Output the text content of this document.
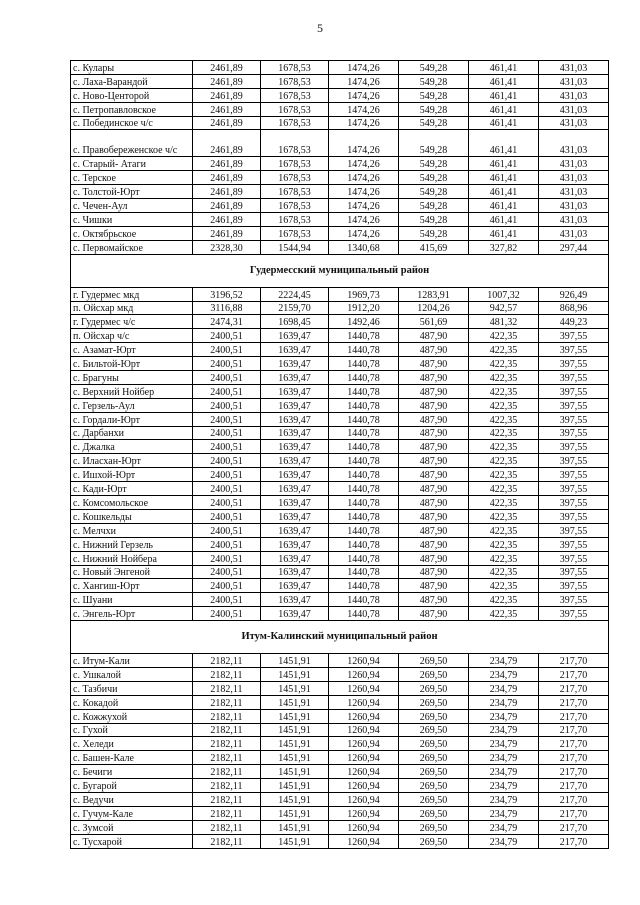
5
с. Кулары	2461,89	1678,53	1474,26	549,28	461,41	431,03
с. Лаха-Варандой	2461,89	1678,53	1474,26	549,28	461,41	431,03
с. Ново-Центорой	2461,89	1678,53	1474,26	549,28	461,41	431,03
с. Петропавловское	2461,89	1678,53	1474,26	549,28	461,41	431,03
с. Побединское ч/с	2461,89	1678,53	1474,26	549,28	461,41	431,03
с. Правобереженское ч/с	2461,89	1678,53	1474,26	549,28	461,41	431,03
с. Старый- Атаги	2461,89	1678,53	1474,26	549,28	461,41	431,03
с. Терское	2461,89	1678,53	1474,26	549,28	461,41	431,03
с. Толстой-Юрт	2461,89	1678,53	1474,26	549,28	461,41	431,03
с. Чечен-Аул	2461,89	1678,53	1474,26	549,28	461,41	431,03
с. Чишки	2461,89	1678,53	1474,26	549,28	461,41	431,03
с. Октябрьское	2461,89	1678,53	1474,26	549,28	461,41	431,03
с. Первомайское	2328,30	1544,94	1340,68	415,69	327,82	297,44
Гудермесский муниципальный район						
г. Гудермес мкд	3196,52	2224,45	1969,73	1283,91	1007,32	926,49
п. Ойсхар мкд	3116,88	2159,70	1912,20	1204,26	942,57	868,96
г. Гудермес ч/с	2474,31	1698,45	1492,46	561,69	481,32	449,23
п. Ойсхар ч/с	2400,51	1639,47	1440,78	487,90	422,35	397,55
с. Азамат-Юрт	2400,51	1639,47	1440,78	487,90	422,35	397,55
с. Бильтой-Юрт	2400,51	1639,47	1440,78	487,90	422,35	397,55
с. Брагуны	2400,51	1639,47	1440,78	487,90	422,35	397,55
с. Верхний Нойбер	2400,51	1639,47	1440,78	487,90	422,35	397,55
с. Герзель-Аул	2400,51	1639,47	1440,78	487,90	422,35	397,55
с. Гордали-Юрт	2400,51	1639,47	1440,78	487,90	422,35	397,55
с. Дарбанхи	2400,51	1639,47	1440,78	487,90	422,35	397,55
с. Джалка	2400,51	1639,47	1440,78	487,90	422,35	397,55
с. Иласхан-Юрт	2400,51	1639,47	1440,78	487,90	422,35	397,55
с. Ишхой-Юрт	2400,51	1639,47	1440,78	487,90	422,35	397,55
с. Кади-Юрт	2400,51	1639,47	1440,78	487,90	422,35	397,55
с. Комсомольское	2400,51	1639,47	1440,78	487,90	422,35	397,55
с. Кошкельды	2400,51	1639,47	1440,78	487,90	422,35	397,55
с. Мелчхи	2400,51	1639,47	1440,78	487,90	422,35	397,55
с. Нижний Герзель	2400,51	1639,47	1440,78	487,90	422,35	397,55
с. Нижний Нойбера	2400,51	1639,47	1440,78	487,90	422,35	397,55
с. Новый Энгеной	2400,51	1639,47	1440,78	487,90	422,35	397,55
с. Хангиш-Юрт	2400,51	1639,47	1440,78	487,90	422,35	397,55
с. Шуани	2400,51	1639,47	1440,78	487,90	422,35	397,55
с. Энгель-Юрт	2400,51	1639,47	1440,78	487,90	422,35	397,55
Итум-Калинский муниципальный район						
с. Итум-Кали	2182,11	1451,91	1260,94	269,50	234,79	217,70
с. Ушкалой	2182,11	1451,91	1260,94	269,50	234,79	217,70
с. Тазбичи	2182,11	1451,91	1260,94	269,50	234,79	217,70
с. Кокадой	2182,11	1451,91	1260,94	269,50	234,79	217,70
с. Кожжухой	2182,11	1451,91	1260,94	269,50	234,79	217,70
с. Гухой	2182,11	1451,91	1260,94	269,50	234,79	217,70
с. Хеледи	2182,11	1451,91	1260,94	269,50	234,79	217,70
с. Башен-Кале	2182,11	1451,91	1260,94	269,50	234,79	217,70
с. Бечиги	2182,11	1451,91	1260,94	269,50	234,79	217,70
с. Бугарой	2182,11	1451,91	1260,94	269,50	234,79	217,70
с. Ведучи	2182,11	1451,91	1260,94	269,50	234,79	217,70
с. Гучум-Кале	2182,11	1451,91	1260,94	269,50	234,79	217,70
с. Зумсой	2182,11	1451,91	1260,94	269,50	234,79	217,70
с. Тусхарой	2182,11	1451,91	1260,94	269,50	234,79	217,70
